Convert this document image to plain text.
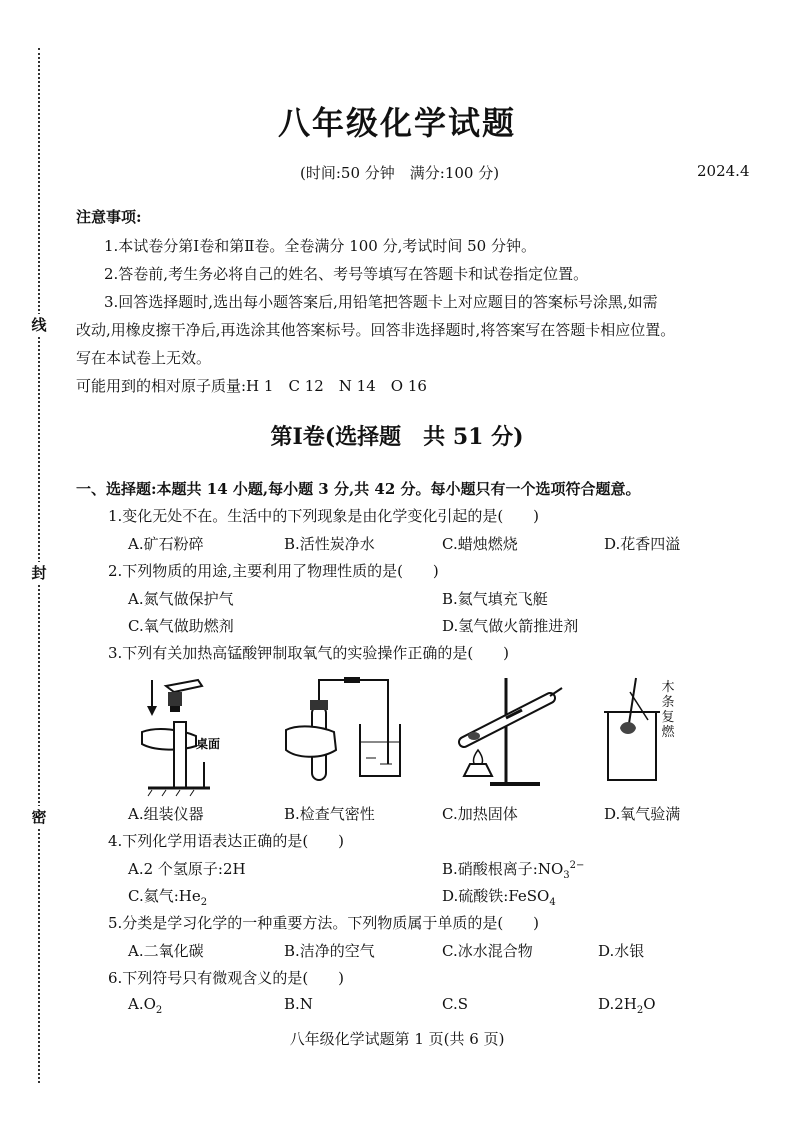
线
封
密
八年级化学试题
(时间:50 分钟　满分:100 分)	2024.4
注意事项:
1.本试卷分第Ⅰ卷和第Ⅱ卷。全卷满分 100 分,考试时间 50 分钟。
2.答卷前,考生务必将自己的姓名、考号等填写在答题卡和试卷指定位置。
3.回答选择题时,选出每小题答案后,用铅笔把答题卡上对应题目的答案标号涂黑,如需
改动,用橡皮擦干净后,再选涂其他答案标号。回答非选择题时,将答案写在答题卡相应位置。
写在本试卷上无效。
可能用到的相对原子质量:H 1　C 12　N 14　O 16
第Ⅰ卷(选择题　共 51 分)
一、选择题:本题共 14 小题,每小题 3 分,共 42 分。每小题只有一个选项符合题意。
1.变化无处不在。生活中的下列现象是由化学变化引起的是(　　)
A.矿石粉碎	B.活性炭净水	C.蜡烛燃烧	D.花香四溢
2.下列物质的用途,主要利用了物理性质的是(　　)
A.氮气做保护气	B.氦气填充飞艇
C.氧气做助燃剂	D.氢气做火箭推进剂
3.下列有关加热高锰酸钾制取氧气的实验操作正确的是(　　)
桌面
木条复燃
A.组装仪器	B.检查气密性	C.加热固体	D.氧气验满
4.下列化学用语表达正确的是(　　)
A.2 个氢原子:2H	B.硝酸根离子$:NO_3^{2-}$
C.氦气$:He_2$	D.硫酸铁:FeSO$_4$
5.分类是学习化学的一种重要方法。下列物质属于单质的是(　　)
A.二氧化碳	B.洁净的空气	C.冰水混合物	D.水银
6.下列符号只有微观含义的是(　　)
$A.O_2$	B.N	C.S	$D.2H_2O$
八年级化学试题第 1 页(共 6 页)
